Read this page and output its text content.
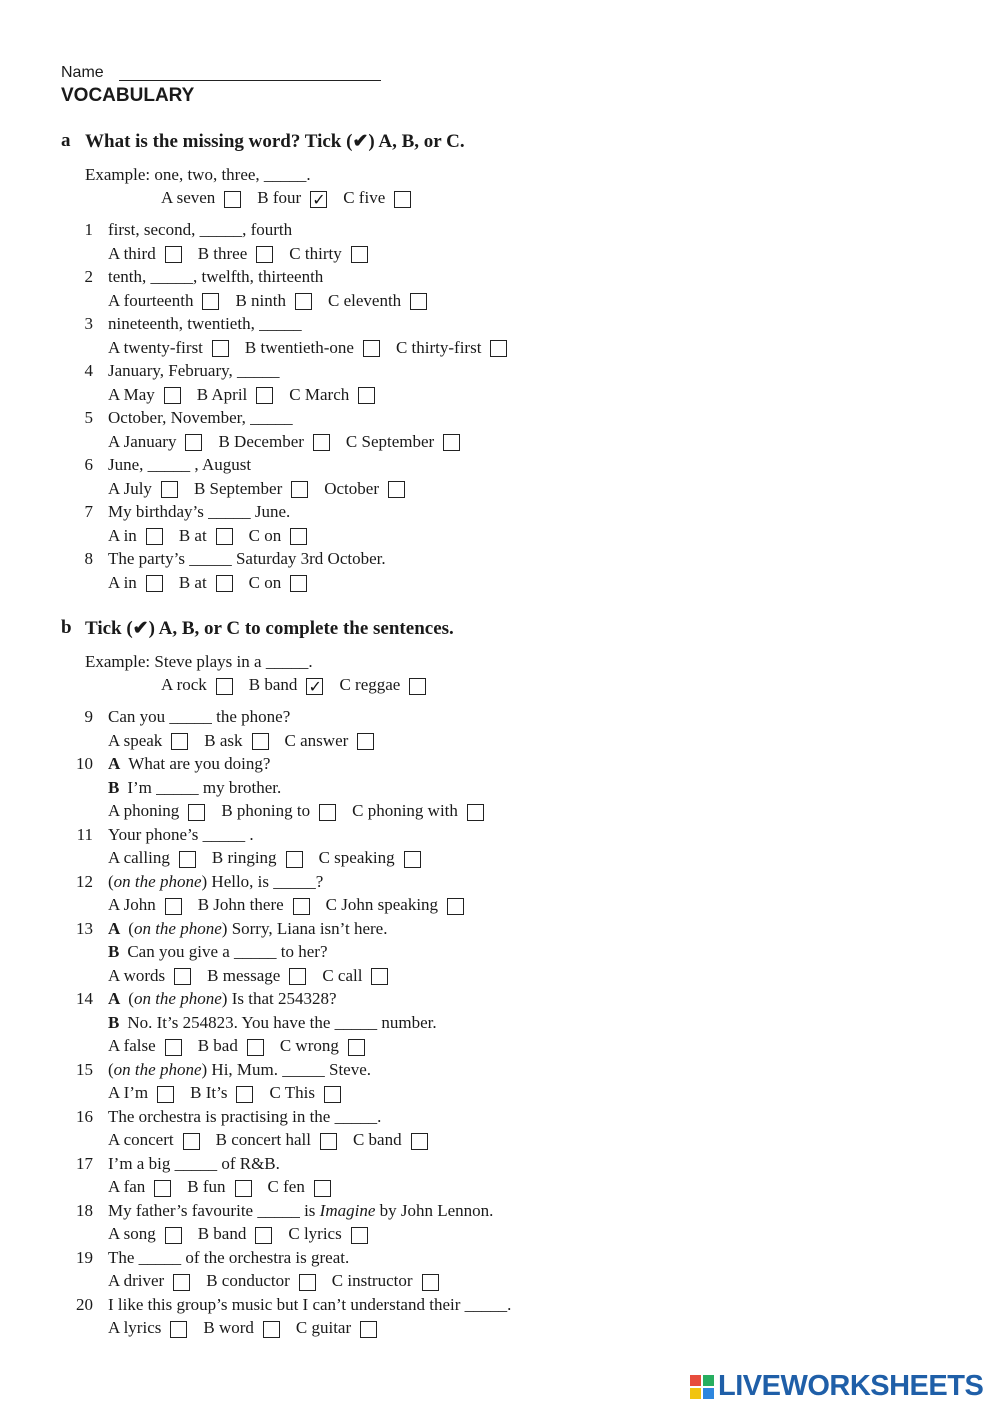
Name
VOCABULARY
a What is the missing word? Tick (✔) A, B, or C.
Example: one, two, three, _____.
A seven B four ✓ C five
1 first, second, _____, fourth
A third B three C thirty
2 tenth, _____, twelfth, thirteenth
A fourteenth B ninth C eleventh
3 nineteenth, twentieth, _____
A twenty-first B twentieth-one C thirty-first
4 January, February, _____
A May B April C March
5 October, November, _____
A January B December C September
6 June, _____ , August
A July B September October
7 My birthday’s _____ June.
A in B at C on
8 The party’s _____ Saturday 3rd October.
A in B at C on
b Tick (✔) A, B, or C to complete the sentences.
Example: Steve plays in a _____.
A rock B band ✓ C reggae
9 Can you _____ the phone?
A speak B ask C answer
10 A What are you doing?
B I’m _____ my brother.
A phoning B phoning to C phoning with
11 Your phone’s _____ .
A calling B ringing C speaking
12 (on the phone) Hello, is _____?
A John B John there C John speaking
13 A (on the phone) Sorry, Liana isn’t here.
B Can you give a _____ to her?
A words B message C call
14 A (on the phone) Is that 254328?
B No. It’s 254823. You have the _____ number.
A false B bad C wrong
15 (on the phone) Hi, Mum. _____ Steve.
A I’m B It’s C This
16 The orchestra is practising in the _____.
A concert B concert hall C band
17 I’m a big _____ of R&B.
A fan B fun C fen
18 My father’s favourite _____ is Imagine by John Lennon.
A song B band C lyrics
19 The _____ of the orchestra is great.
A driver B conductor C instructor
20 I like this group’s music but I can’t understand their _____.
A lyrics B word C guitar
LIVEWORKSHEETS
